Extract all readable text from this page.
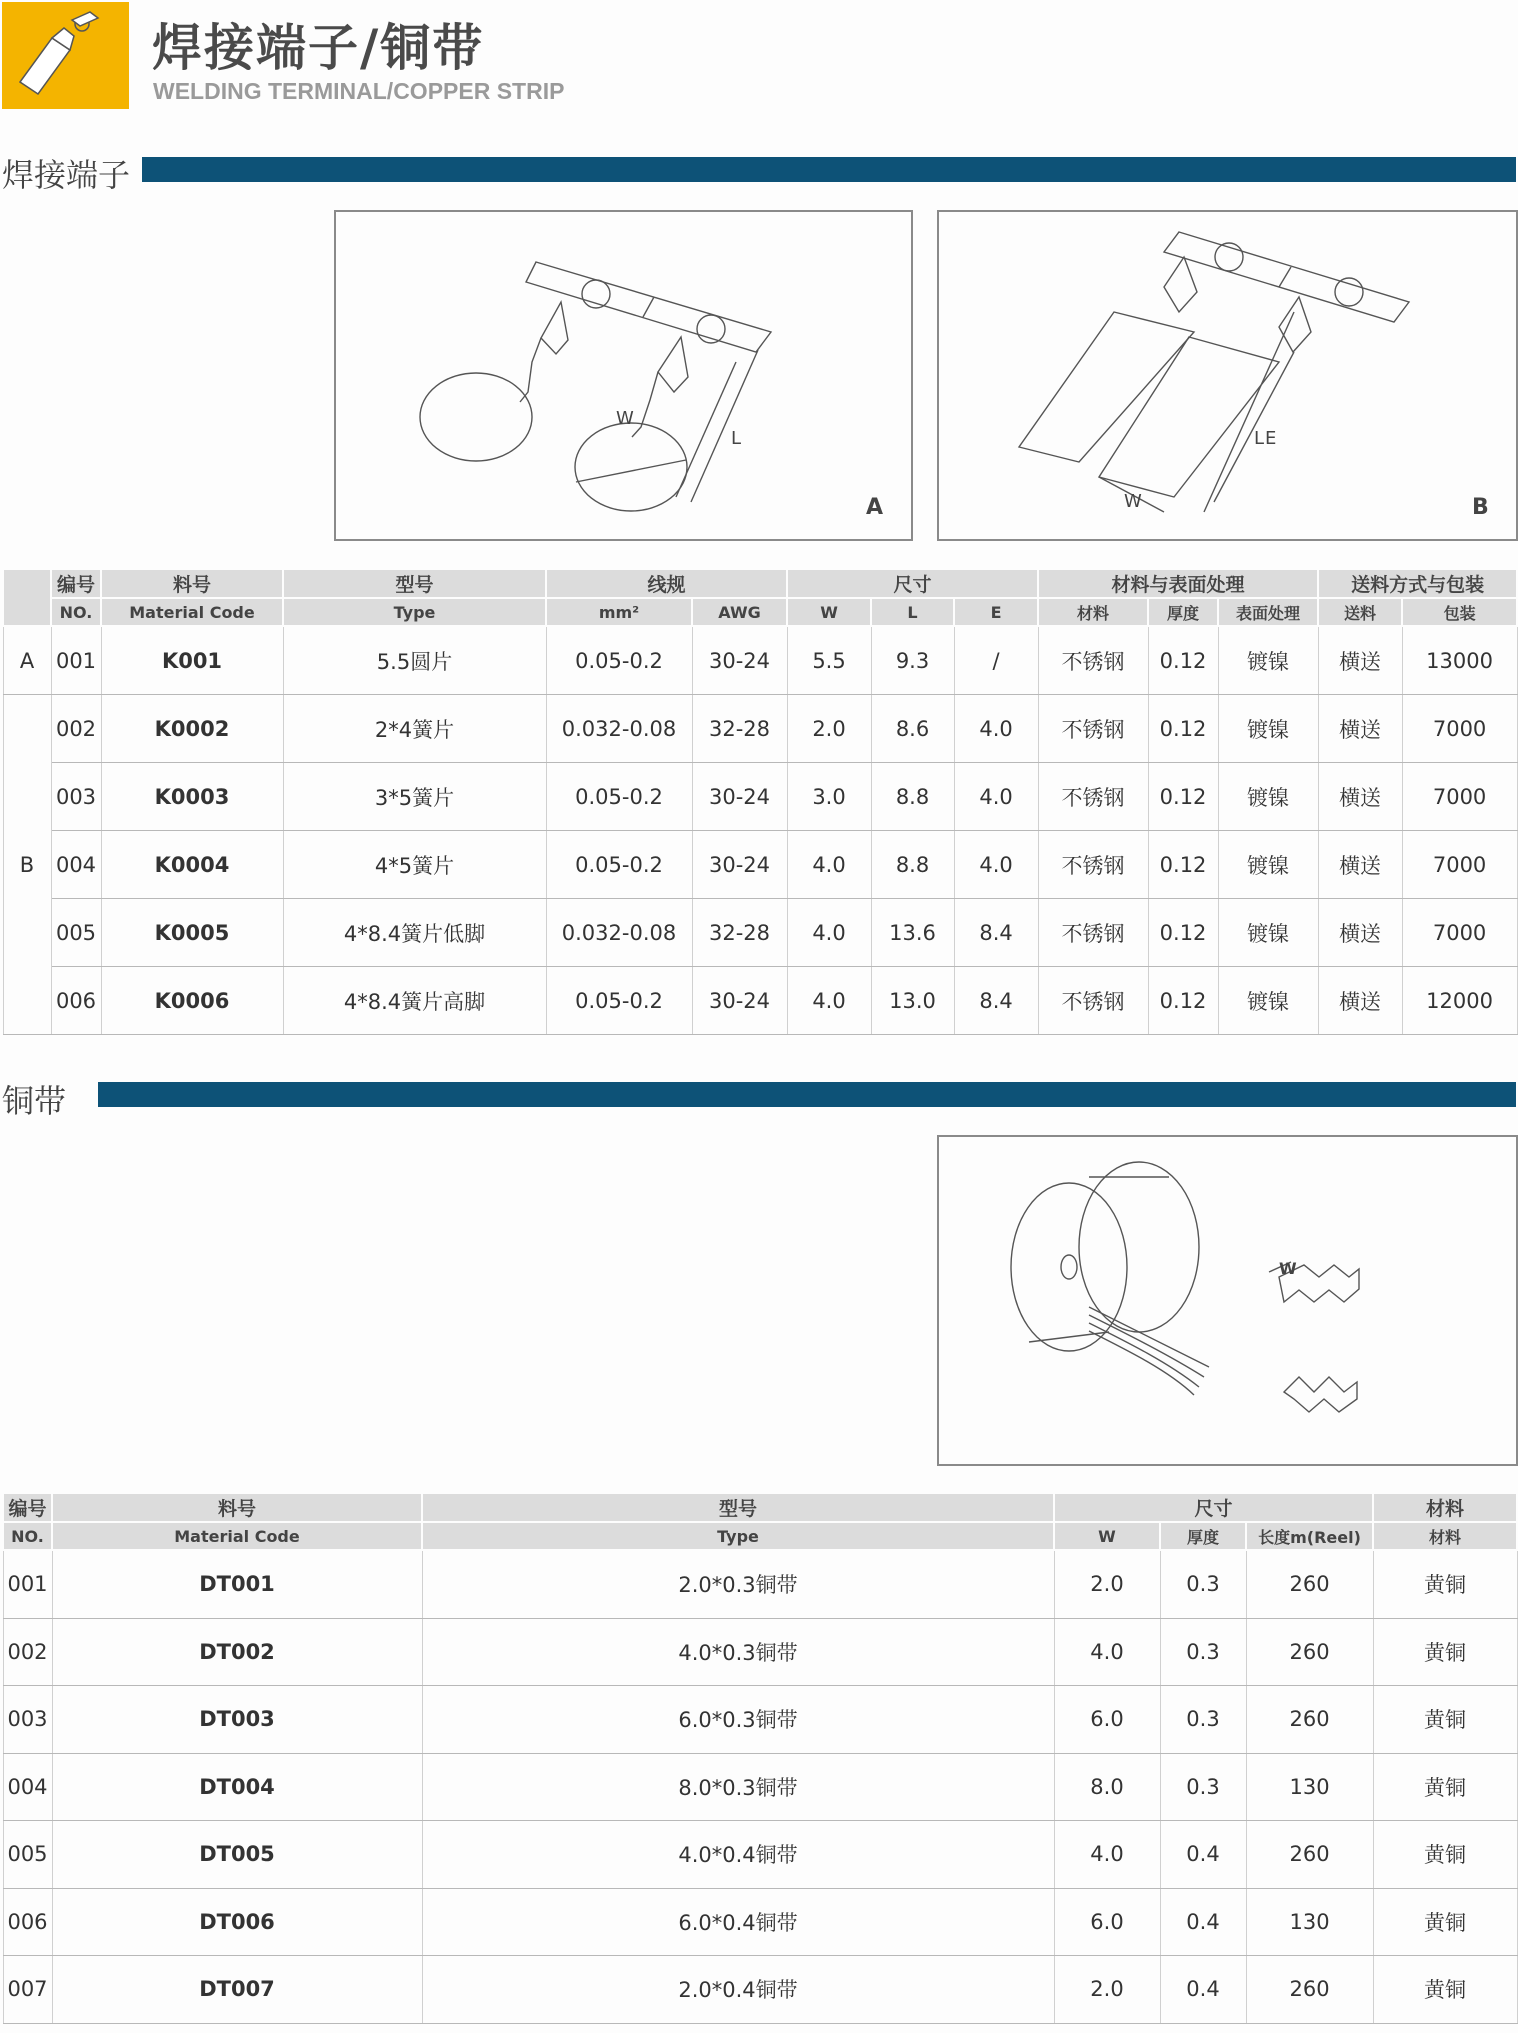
焊接端子/铜带
WELDING TERMINAL/COPPER STRIP
焊接端子
W
L
A
L E
W	B
	编号	料号	型号	线规		尺寸			材料与表面处理			送料方式与包装	
	NO.	Material Code	Type	mm²	AWG	W	L	E	材料	厚度	表面处理	送料	包装
A	001	K001	5.5圆片	0.05-0.2	30-24	5.5	9.3	/	不锈钢	0.12	镀镍	横送	13000
B	002	K0002	2*4簧片	0.032-0.08	32-28	2.0	8.6	4.0	不锈钢	0.12	镀镍	横送	7000
	003	K0003	3*5簧片	0.05-0.2	30-24	3.0	8.8	4.0	不锈钢	0.12	镀镍	横送	7000
	004	K0004	4*5簧片	0.05-0.2	30-24	4.0	8.8	4.0	不锈钢	0.12	镀镍	横送	7000
	005	K0005	4*8.4簧片低脚	0.032-0.08	32-28	4.0	13.6	8.4	不锈钢	0.12	镀镍	横送	7000
	006	K0006	4*8.4簧片高脚	0.05-0.2	30-24	4.0	13.0	8.4	不锈钢	0.12	镀镍	横送	12000
铜带
W
编号	料号	型号	尺寸			材料
NO.	Material Code	Type	W	厚度	长度m(Reel)	材料
001	DT001	2.0*0.3铜带	2.0	0.3	260	黄铜
002	DT002	4.0*0.3铜带	4.0	0.3	260	黄铜
003	DT003	6.0*0.3铜带	6.0	0.3	260	黄铜
004	DT004	8.0*0.3铜带	8.0	0.3	130	黄铜
005	DT005	4.0*0.4铜带	4.0	0.4	260	黄铜
006	DT006	6.0*0.4铜带	6.0	0.4	130	黄铜
007	DT007	2.0*0.4铜带	2.0	0.4	260	黄铜
